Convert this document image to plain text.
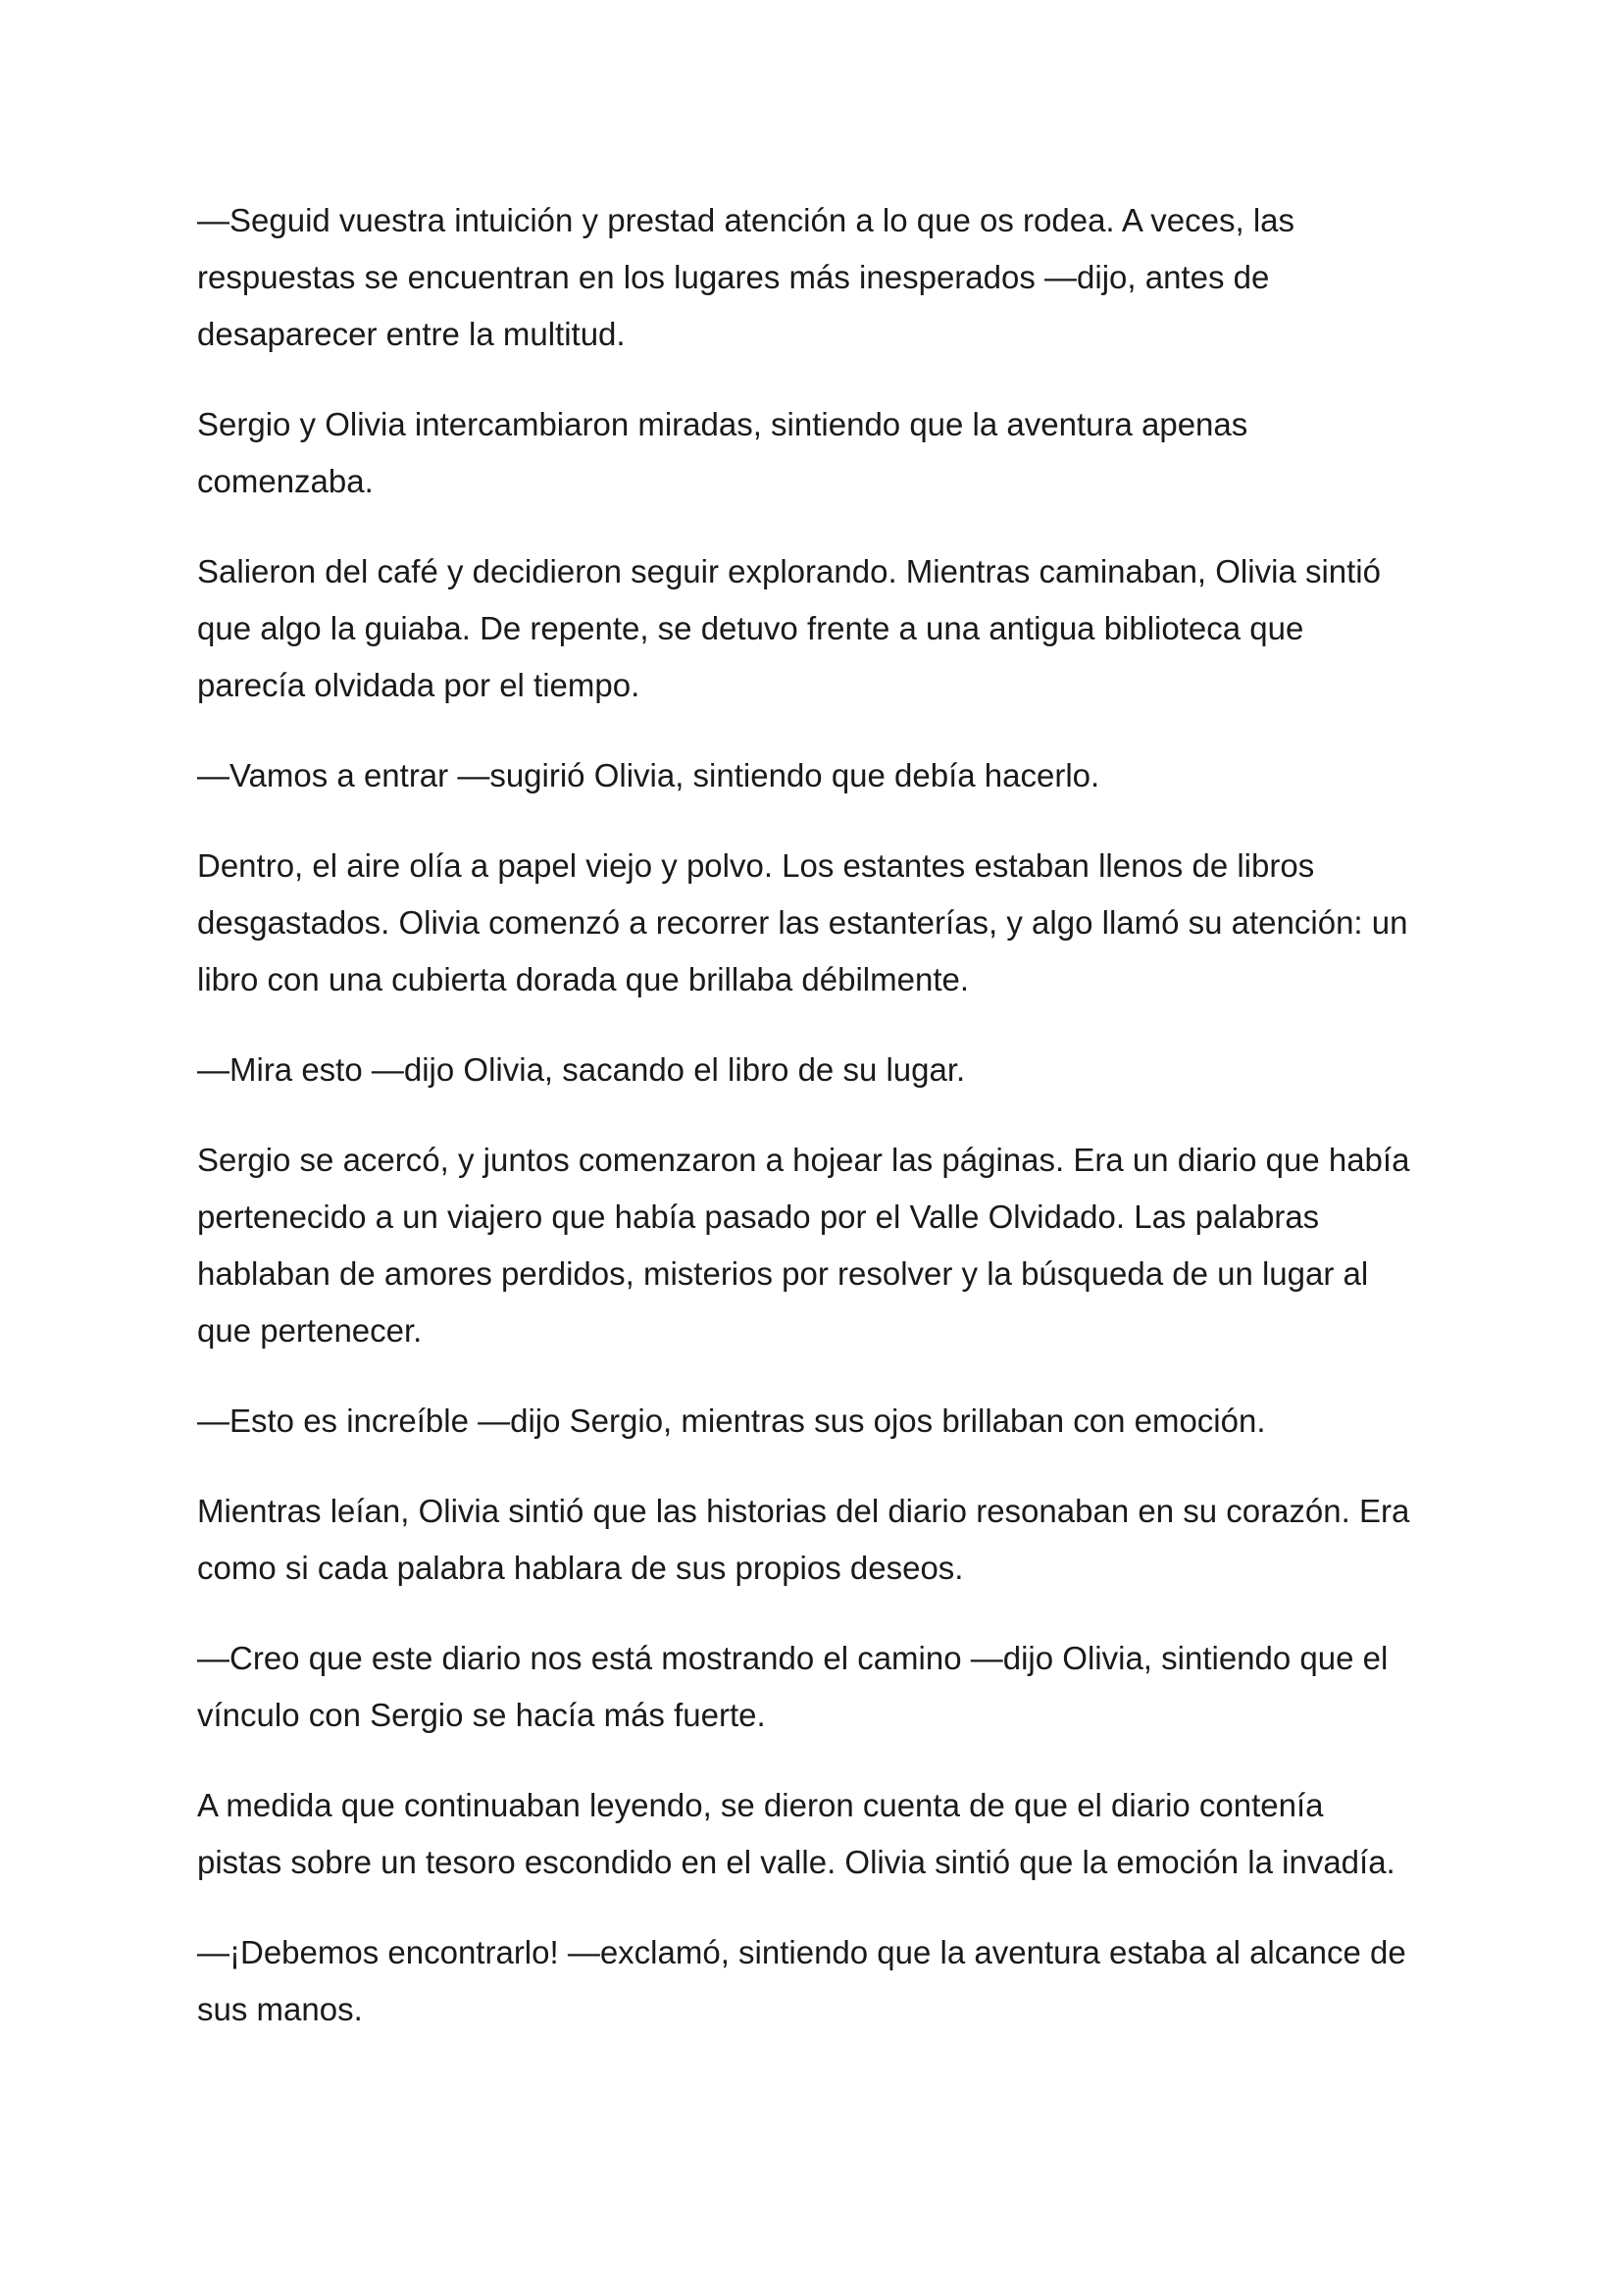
—Seguid vuestra intuición y prestad atención a lo que os rodea. A veces, las
respuestas se encuentran en los lugares más inesperados —dijo, antes de
desaparecer entre la multitud.

Sergio y Olivia intercambiaron miradas, sintiendo que la aventura apenas
comenzaba.

Salieron del café y decidieron seguir explorando. Mientras caminaban, Olivia sintió
que algo la guiaba. De repente, se detuvo frente a una antigua biblioteca que
parecía olvidada por el tiempo.

—Vamos a entrar —sugirió Olivia, sintiendo que debía hacerlo.

Dentro, el aire olía a papel viejo y polvo. Los estantes estaban llenos de libros
desgastados. Olivia comenzó a recorrer las estanterías, y algo llamó su atención: un
libro con una cubierta dorada que brillaba débilmente.

—Mira esto —dijo Olivia, sacando el libro de su lugar.

Sergio se acercó, y juntos comenzaron a hojear las páginas. Era un diario que había
pertenecido a un viajero que había pasado por el Valle Olvidado. Las palabras
hablaban de amores perdidos, misterios por resolver y la búsqueda de un lugar al
que pertenecer.

—Esto es increíble —dijo Sergio, mientras sus ojos brillaban con emoción.

Mientras leían, Olivia sintió que las historias del diario resonaban en su corazón. Era
como si cada palabra hablara de sus propios deseos.

—Creo que este diario nos está mostrando el camino —dijo Olivia, sintiendo que el
vínculo con Sergio se hacía más fuerte.

A medida que continuaban leyendo, se dieron cuenta de que el diario contenía
pistas sobre un tesoro escondido en el valle. Olivia sintió que la emoción la invadía.

—¡Debemos encontrarlo! —exclamó, sintiendo que la aventura estaba al alcance de
sus manos.
